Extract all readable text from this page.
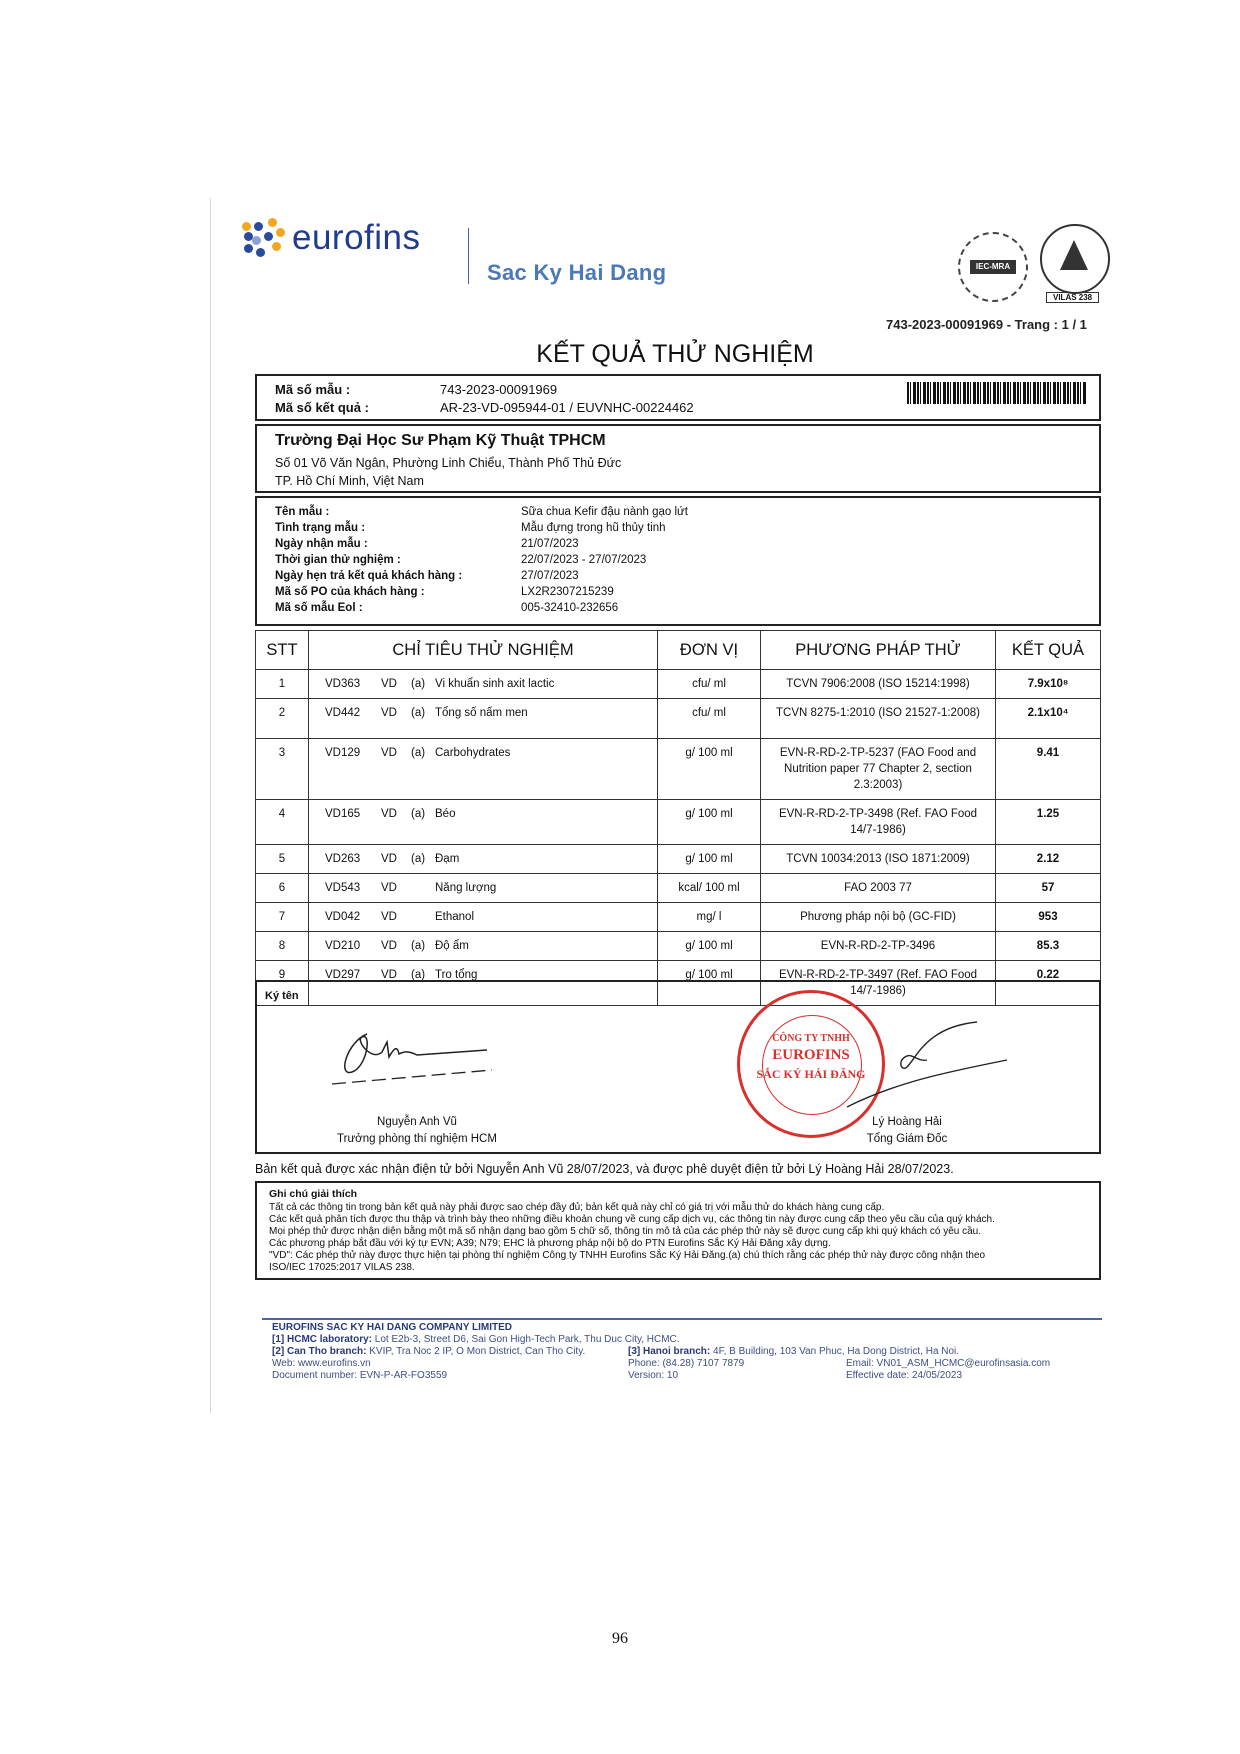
eurofins
Sac Ky Hai Dang	IEC-MRA
VILAS 238
743-2023-00091969 - Trang : 1 / 1
KẾT QUẢ THỬ NGHIỆM
Mã số mẫu :	743-2023-00091969
Mã số kết quả :	AR-23-VD-095944-01 / EUVNHC-00224462
Trường Đại Học Sư Phạm Kỹ Thuật TPHCM
Số 01 Võ Văn Ngân, Phường Linh Chiểu, Thành Phố Thủ Đức
TP. Hồ Chí Minh, Việt Nam
Tên mẫu :	Sữa chua Kefir đậu nành gạo lứt
Tình trạng mẫu :	Mẫu đựng trong hũ thủy tinh
Ngày nhận mẫu :	21/07/2023
Thời gian thử nghiệm :	22/07/2023 - 27/07/2023
Ngày hẹn trả kết quả khách hàng :	27/07/2023
Mã số PO của khách hàng :	LX2R2307215239
Mã số mẫu Eol :	005-32410-232656
STT	CHỈ TIÊU THỬ NGHIỆM	ĐƠN VỊ	PHƯƠNG PHÁP THỬ	KẾT QUẢ
1	VD363 VD (a) Vi khuẩn sinh axit lactic	cfu/ ml	TCVN 7906:2008 (ISO 15214:1998)	7.9x10⁸
2	VD442 VD (a) Tổng số nấm men	cfu/ ml	TCVN 8275-1:2010 (ISO 21527-1:2008)	2.1x10⁴
3	VD129 VD (a) Carbohydrates	g/ 100 ml	EVN-R-RD-2-TP-5237 (FAO Food and Nutrition paper 77 Chapter 2, section 2.3:2003)	9.41
4	VD165 VD (a) Béo	g/ 100 ml	EVN-R-RD-2-TP-3498 (Ref. FAO Food 14/7-1986)	1.25
5	VD263 VD (a) Đạm	g/ 100 ml	TCVN 10034:2013 (ISO 1871:2009)	2.12
6	VD543 VD Năng lượng	kcal/ 100 ml	FAO 2003 77	57
7	VD042 VD Ethanol	mg/ l	Phương pháp nội bộ (GC-FID)	953
8	VD210 VD (a) Độ ẩm	g/ 100 ml	EVN-R-RD-2-TP-3496	85.3
9	VD297 VD (a) Tro tổng	g/ 100 ml	EVN-R-RD-2-TP-3497 (Ref. FAO Food 14/7-1986)	0.22
Ký tên
Nguyễn Anh Vũ
Trưởng phòng thí nghiệm HCM
CÔNG TY TNHH
EUROFINS
SẮC KÝ HẢI ĐĂNG
Lý Hoàng Hải
Tổng Giám Đốc
Bản kết quả được xác nhận điện tử bởi Nguyễn Anh Vũ 28/07/2023, và được phê duyệt điện tử bởi Lý Hoàng Hải 28/07/2023.
Ghi chú giải thích
Tất cả các thông tin trong bản kết quả này phải được sao chép đầy đủ; bản kết quả này chỉ có giá trị với mẫu thử do khách hàng cung cấp.
Các kết quả phân tích được thu thập và trình bày theo những điều khoản chung về cung cấp dịch vụ, các thông tin này được cung cấp theo yêu cầu của quý khách.
Mọi phép thử được nhận diện bằng một mã số nhận dạng bao gồm 5 chữ số, thông tin mô tả của các phép thử này sẽ được cung cấp khi quý khách có yêu cầu.
Các phương pháp bắt đầu với ký tự EVN; A39; N79; EHC là phương pháp nội bộ do PTN Eurofins Sắc Ký Hải Đăng xây dựng.
"VD": Các phép thử này được thực hiện tại phòng thí nghiệm Công ty TNHH Eurofins Sắc Ký Hải Đăng.(a) chú thích rằng các phép thử này được công nhận theo
ISO/IEC 17025:2017 VILAS 238.
EUROFINS SAC KY HAI DANG COMPANY LIMITED
[1] HCMC laboratory: Lot E2b-3, Street D6, Sai Gon High-Tech Park, Thu Duc City, HCMC.
[2] Can Tho branch: KVIP, Tra Noc 2 IP, O Mon District, Can Tho City.	[3] Hanoi branch: 4F, B Building, 103 Van Phuc, Ha Dong District, Ha Noi.
Web: www.eurofins.vn	Phone: (84.28) 7107 7879	Email: VN01_ASM_HCMC@eurofinsasia.com
Document number: EVN-P-AR-FO3559	Version: 10	Effective date: 24/05/2023
96
